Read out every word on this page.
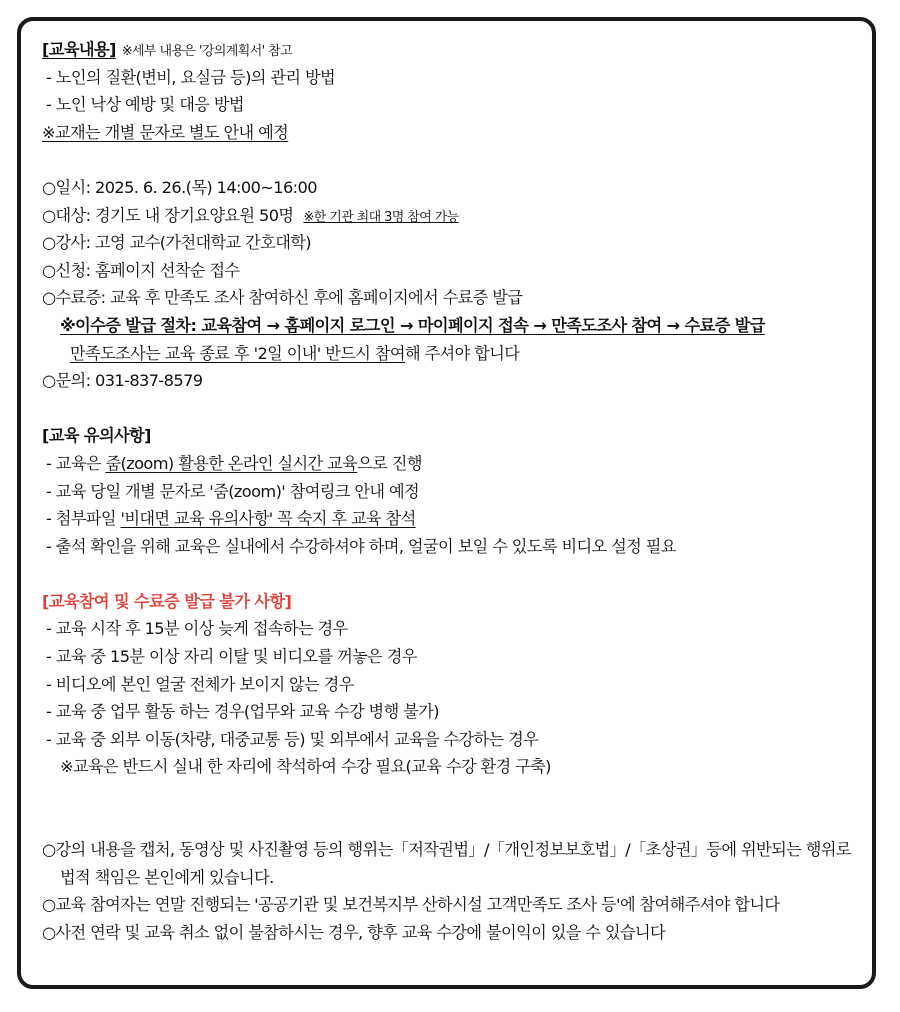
[교육내용] ※세부 내용은 '강의계획서' 참고
- 노인의 질환(변비, 요실금 등)의 관리 방법
- 노인 낙상 예방 및 대응 방법
※교재는 개별 문자로 별도 안내 예정
○일시: 2025. 6. 26.(목) 14:00~16:00
○대상: 경기도 내 장기요양요원 50명 ※한 기관 최대 3명 참여 가능
○강사: 고영 교수(가천대학교 간호대학)
○신청: 홈페이지 선착순 접수
○수료증: 교육 후 만족도 조사 참여하신 후에 홈페이지에서 수료증 발급
※이수증 발급 절차: 교육참여 → 홈페이지 로그인 → 마이페이지 접속 → 만족도조사 참여 → 수료증 발급
만족도조사는 교육 종료 후 '2일 이내' 반드시 참여해 주셔야 합니다
○문의: 031-837-8579
[교육 유의사항]
- 교육은 줌(zoom) 활용한 온라인 실시간 교육으로 진행
- 교육 당일 개별 문자로 '줌(zoom)' 참여링크 안내 예정
- 첨부파일 '비대면 교육 유의사항' 꼭 숙지 후 교육 참석
- 출석 확인을 위해 교육은 실내에서 수강하셔야 하며, 얼굴이 보일 수 있도록 비디오 설정 필요
[교육참여 및 수료증 발급 불가 사항]
- 교육 시작 후 15분 이상 늦게 접속하는 경우
- 교육 중 15분 이상 자리 이탈 및 비디오를 꺼놓은 경우
- 비디오에 본인 얼굴 전체가 보이지 않는 경우
- 교육 중 업무 활동 하는 경우(업무와 교육 수강 병행 불가)
- 교육 중 외부 이동(차량, 대중교통 등) 및 외부에서 교육을 수강하는 경우
※교육은 반드시 실내 한 자리에 착석하여 수강 필요(교육 수강 환경 구축)
○강의 내용을 캡처, 동영상 및 사진촬영 등의 행위는「저작권법」/「개인정보보호법」/「초상권」등에 위반되는 행위로
법적 책임은 본인에게 있습니다.
○교육 참여자는 연말 진행되는 '공공기관 및 보건복지부 산하시설 고객만족도 조사 등'에 참여해주셔야 합니다
○사전 연락 및 교육 취소 없이 불참하시는 경우, 향후 교육 수강에 불이익이 있을 수 있습니다
